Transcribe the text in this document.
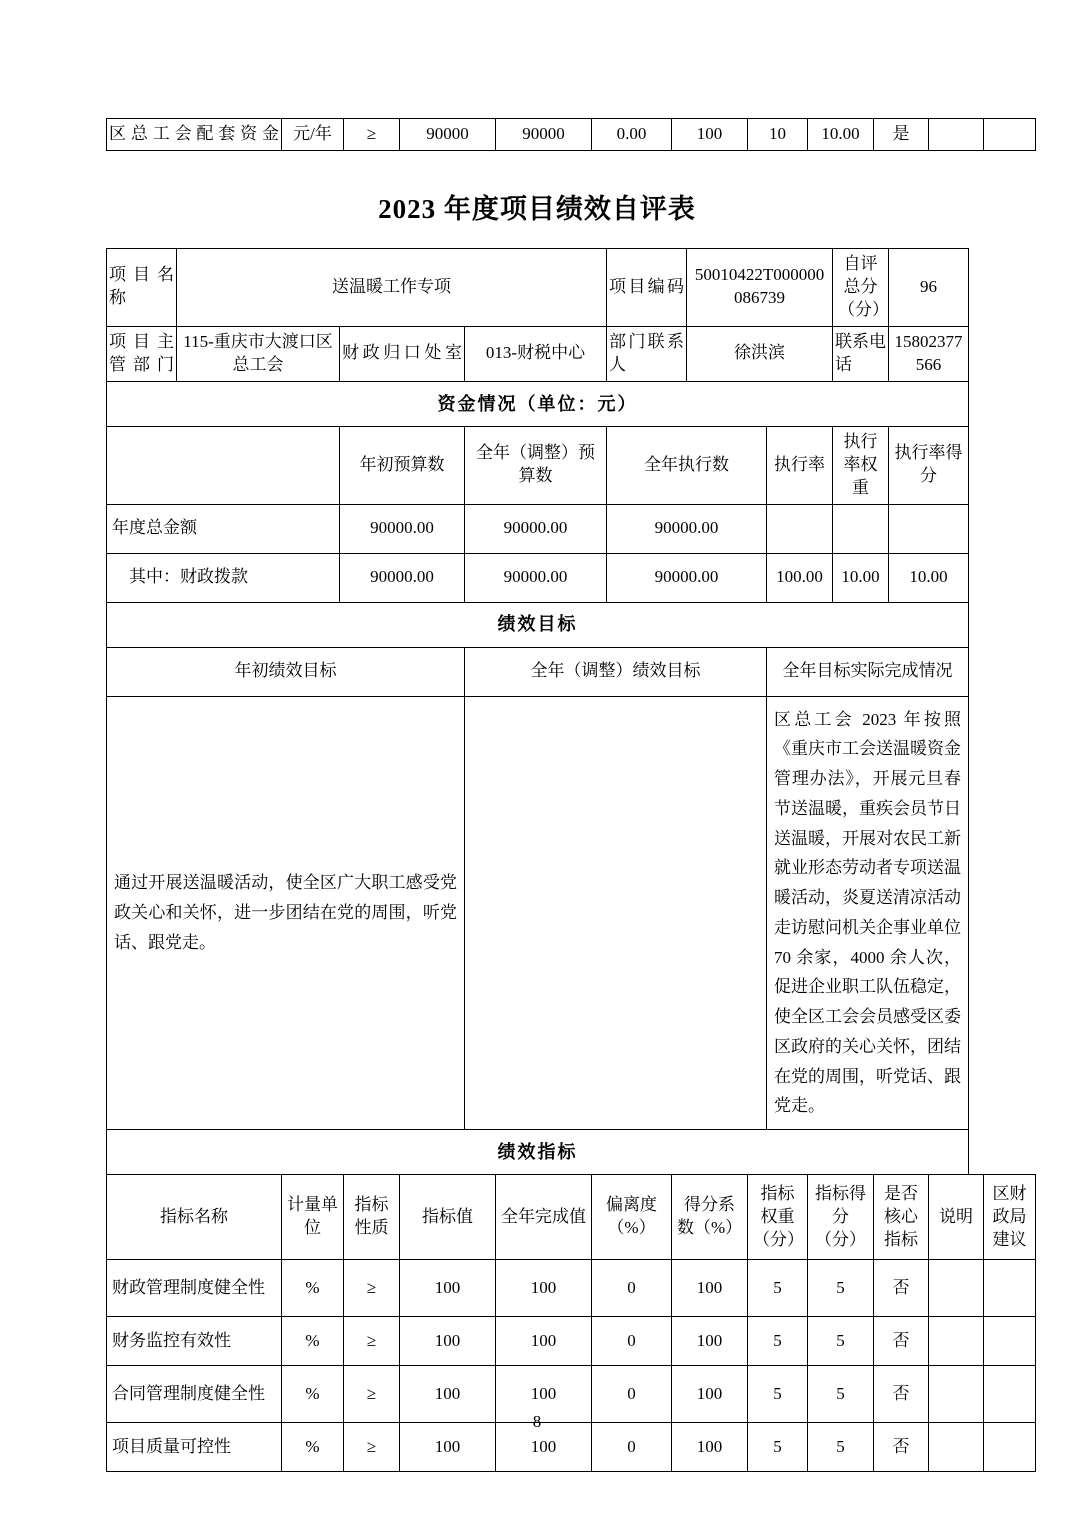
区总工会配套资金	元/年	≥	90000	90000	0.00	100	10	10.00	是		
2023 年度项目绩效自评表
项目名称	送温暖工作专项			项目编码	50010422T000000086739		自评总分（分）	96
项目主管部门	115-重庆市大渡口区总工会	财政归口处室	013-财税中心	部门联系人	徐洪滨		联系电话	15802377566
资金情况（单位：元）								
		年初预算数	全年（调整）预算数	全年执行数		执行率	执行率权重	执行率得分
年度总金额		90000.00	90000.00	90000.00				
其中：财政拨款		90000.00	90000.00	90000.00		100.00	10.00	10.00
绩效目标								
年初绩效目标			全年（调整）绩效目标			全年目标实际完成情况		
通过开展送温暖活动，使全区广大职工感受党政关心和关怀，进一步团结在党的周围，听党话、跟党走。						区总工会 2023 年按照《重庆市工会送温暖资金管理办法》，开展元旦春节送温暖，重疾会员节日送温暖，开展对农民工新就业形态劳动者专项送温暖活动，炎夏送清凉活动走访慰问机关企事业单位 70 余家，4000 余人次，促进企业职工队伍稳定，使全区工会会员感受区委区政府的关心关怀，团结在党的周围，听党话、跟党走。		
绩效指标								
指标名称	计量单位	指标性质	指标值	全年完成值	偏离度（%）	得分系数（%）	指标权重（分）	指标得分（分）	是否核心指标	说明	区财政局建议
财政管理制度健全性	%	≥	100	100	0	100	5	5	否		
财务监控有效性	%	≥	100	100	0	100	5	5	否		
合同管理制度健全性	%	≥	100	100	0	100	5	5	否		
项目质量可控性	%	≥	100	100	0	100	5	5	否		
8
